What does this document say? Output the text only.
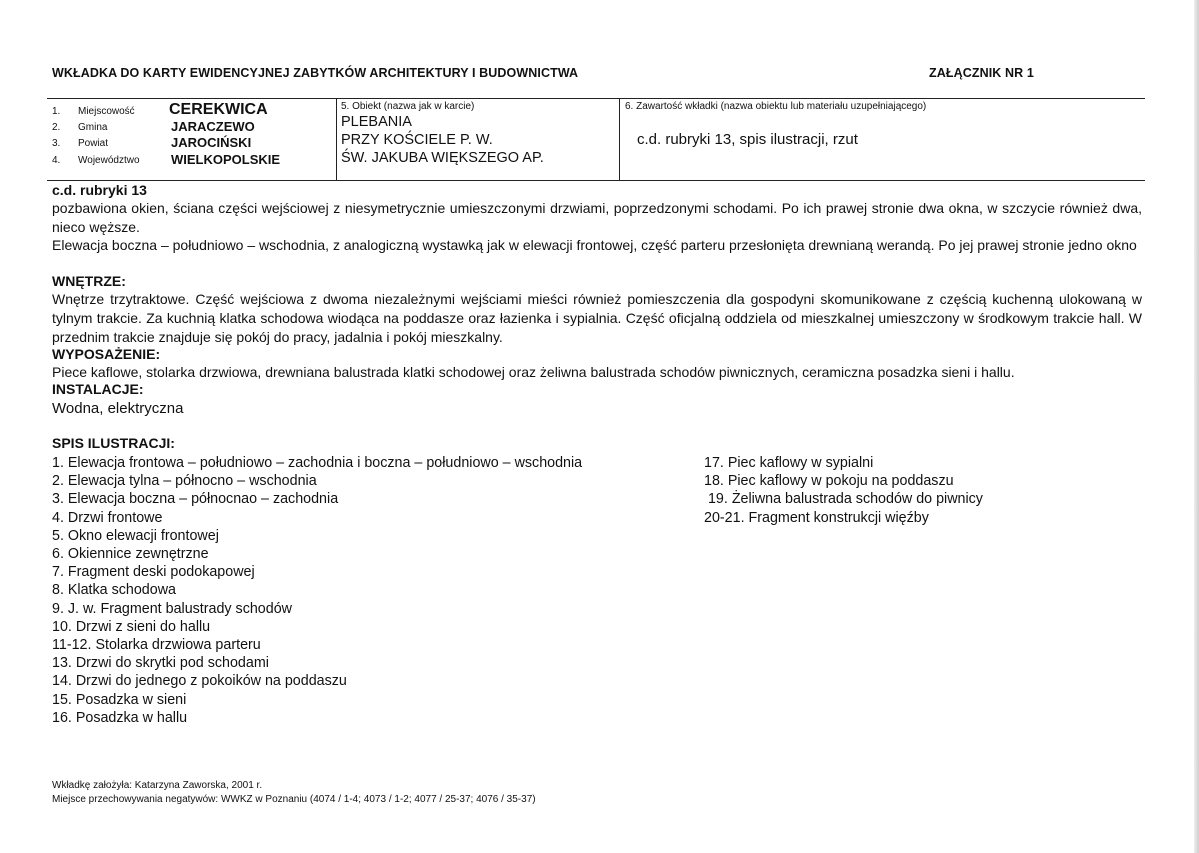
WKŁADKA DO KARTY EWIDENCYJNEJ ZABYTKÓW ARCHITEKTURY I BUDOWNICTWA	ZAŁĄCZNIK NR 1
1. Miejscowość CEREKWICA
2. Gmina	JARACZEWO
3. Powiat	JAROCIŃSKI
4. Województwo WIELKOPOLSKIE
5. Obiekt (nazwa jak w karcie)
PLEBANIA
PRZY KOŚCIELE P. W.
ŚW. JAKUBA WIĘKSZEGO AP.
6. Zawartość wkładki (nazwa obiektu lub materiału uzupełniającego)
c.d. rubryki 13, spis ilustracji, rzut
c.d. rubryki 13
pozbawiona okien, ściana części wejściowej z niesymetrycznie umieszczonymi drzwiami, poprzedzonymi schodami. Po ich prawej stronie dwa okna, w szczycie również dwa, nieco węższe.
Elewacja boczna – południowo – wschodnia, z analogiczną wystawką jak w elewacji frontowej, część parteru przesłonięta drewnianą werandą. Po jej prawej stronie jedno okno
WNĘTRZE:
Wnętrze trzytraktowe. Część wejściowa z dwoma niezależnymi wejściami mieści również pomieszczenia dla gospodyni skomunikowane z częścią kuchenną ulokowaną w tylnym trakcie. Za kuchnią klatka schodowa wiodąca na poddasze oraz łazienka i sypialnia. Część oficjalną oddziela od mieszkalnej umieszczony w środkowym trakcie hall. W przednim trakcie znajduje się pokój do pracy, jadalnia i pokój mieszkalny.
WYPOSAŻENIE:
Piece kaflowe, stolarka drzwiowa, drewniana balustrada klatki schodowej oraz żeliwna balustrada schodów piwnicznych, ceramiczna posadzka sieni i hallu.
INSTALACJE:
Wodna, elektryczna
SPIS ILUSTRACJI:
1. Elewacja frontowa – południowo – zachodnia i boczna – południowo – wschodnia
2. Elewacja tylna – północno – wschodnia
3. Elewacja boczna – północnao – zachodnia
4. Drzwi frontowe
5. Okno elewacji frontowej
6. Okiennice zewnętrzne
7. Fragment deski podokapowej
8. Klatka schodowa
9. J. w. Fragment balustrady schodów
10. Drzwi z sieni do hallu
11-12. Stolarka drzwiowa parteru
13. Drzwi do skrytki pod schodami
14. Drzwi do jednego z pokoików na poddaszu
15. Posadzka w sieni
16. Posadzka w hallu
17. Piec kaflowy w sypialni
18. Piec kaflowy w pokoju na poddaszu
19. Żeliwna balustrada schodów do piwnicy
20-21. Fragment konstrukcji więźby
Wkładkę założyła: Katarzyna Zaworska, 2001 r.
Miejsce przechowywania negatywów: WWKZ w Poznaniu (4074 / 1-4; 4073 / 1-2; 4077 / 25-37; 4076 / 35-37)
